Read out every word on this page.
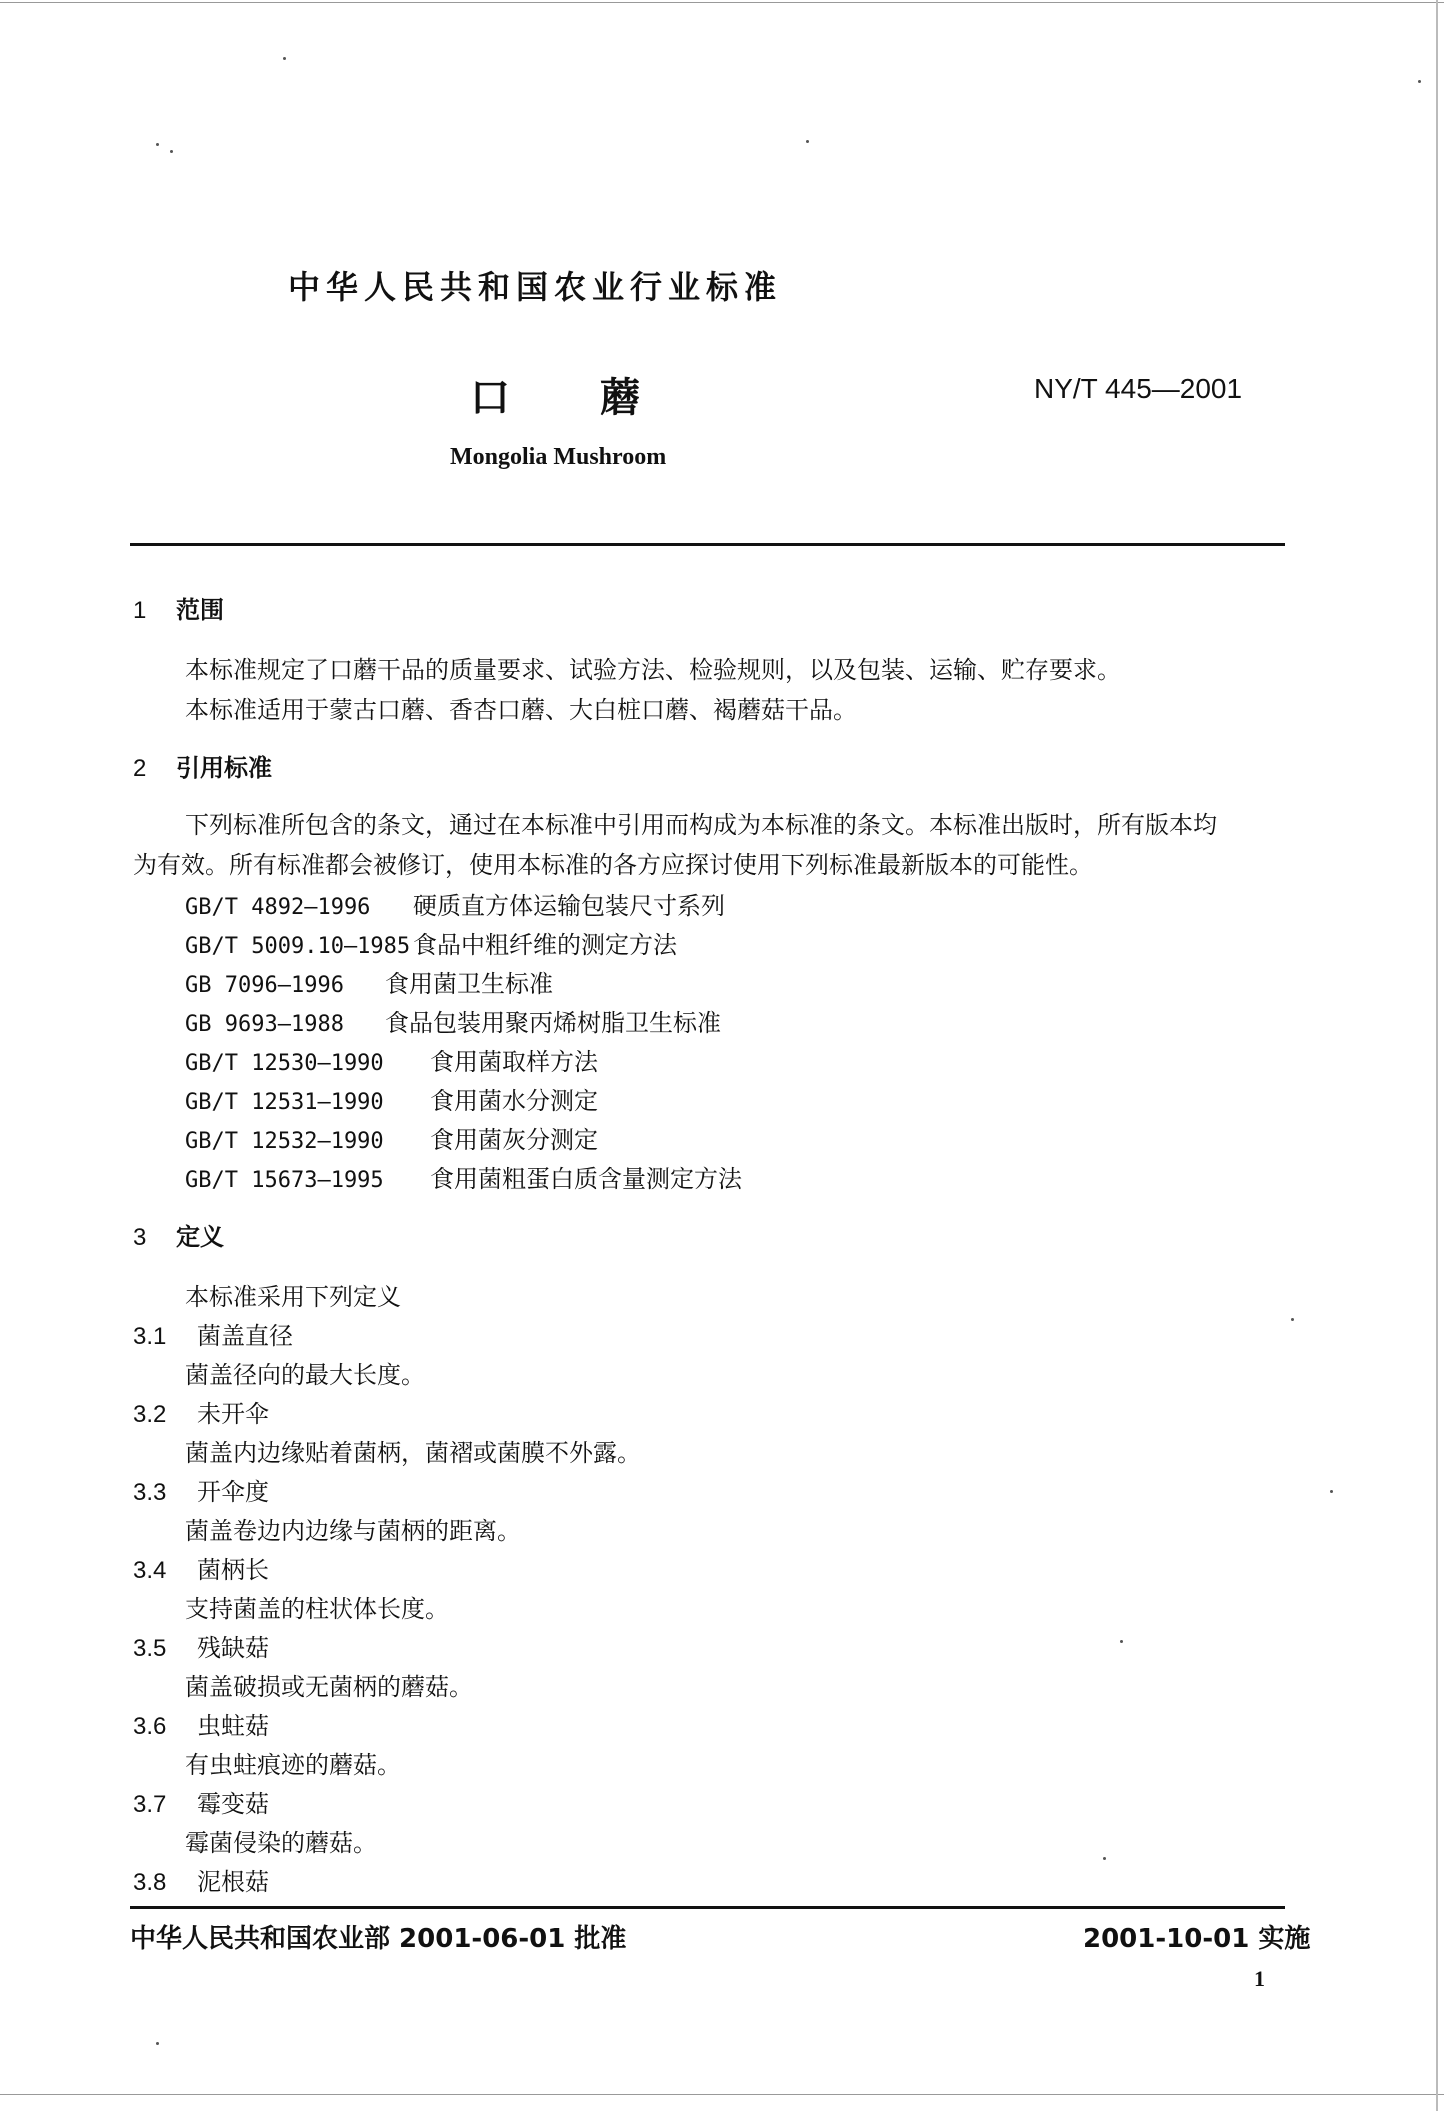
中华人民共和国农业行业标准
口蘑	NY/T 445—2001
Mongolia Mushroom
1 范围
本标准规定了口蘑干品的质量要求、试验方法、检验规则，以及包装、运输、贮存要求。
本标准适用于蒙古口蘑、香杏口蘑、大白桩口蘑、褐蘑菇干品。
2 引用标准
下列标准所包含的条文，通过在本标准中引用而构成为本标准的条文。本标准出版时，所有版本均
为有效。所有标准都会被修订，使用本标准的各方应探讨使用下列标准最新版本的可能性。
GB/T 4892—1996 硬质直方体运输包装尺寸系列
GB/T 5009.10—1985 食品中粗纤维的测定方法
GB 7096—1996 食用菌卫生标准
GB 9693—1988 食品包装用聚丙烯树脂卫生标准
GB/T 12530—1990 食用菌取样方法
GB/T 12531—1990 食用菌水分测定
GB/T 12532—1990 食用菌灰分测定
GB/T 15673—1995 食用菌粗蛋白质含量测定方法
3 定义
本标准采用下列定义
3.1 菌盖直径
菌盖径向的最大长度。
3.2 未开伞
菌盖内边缘贴着菌柄，菌褶或菌膜不外露。
3.3 开伞度
菌盖卷边内边缘与菌柄的距离。
3.4 菌柄长
支持菌盖的柱状体长度。
3.5 残缺菇
菌盖破损或无菌柄的蘑菇。
3.6 虫蛀菇
有虫蛀痕迹的蘑菇。
3.7 霉变菇
霉菌侵染的蘑菇。
3.8 泥根菇
中华人民共和国农业部 2001-06-01 批准	2001-10-01 实施
1
